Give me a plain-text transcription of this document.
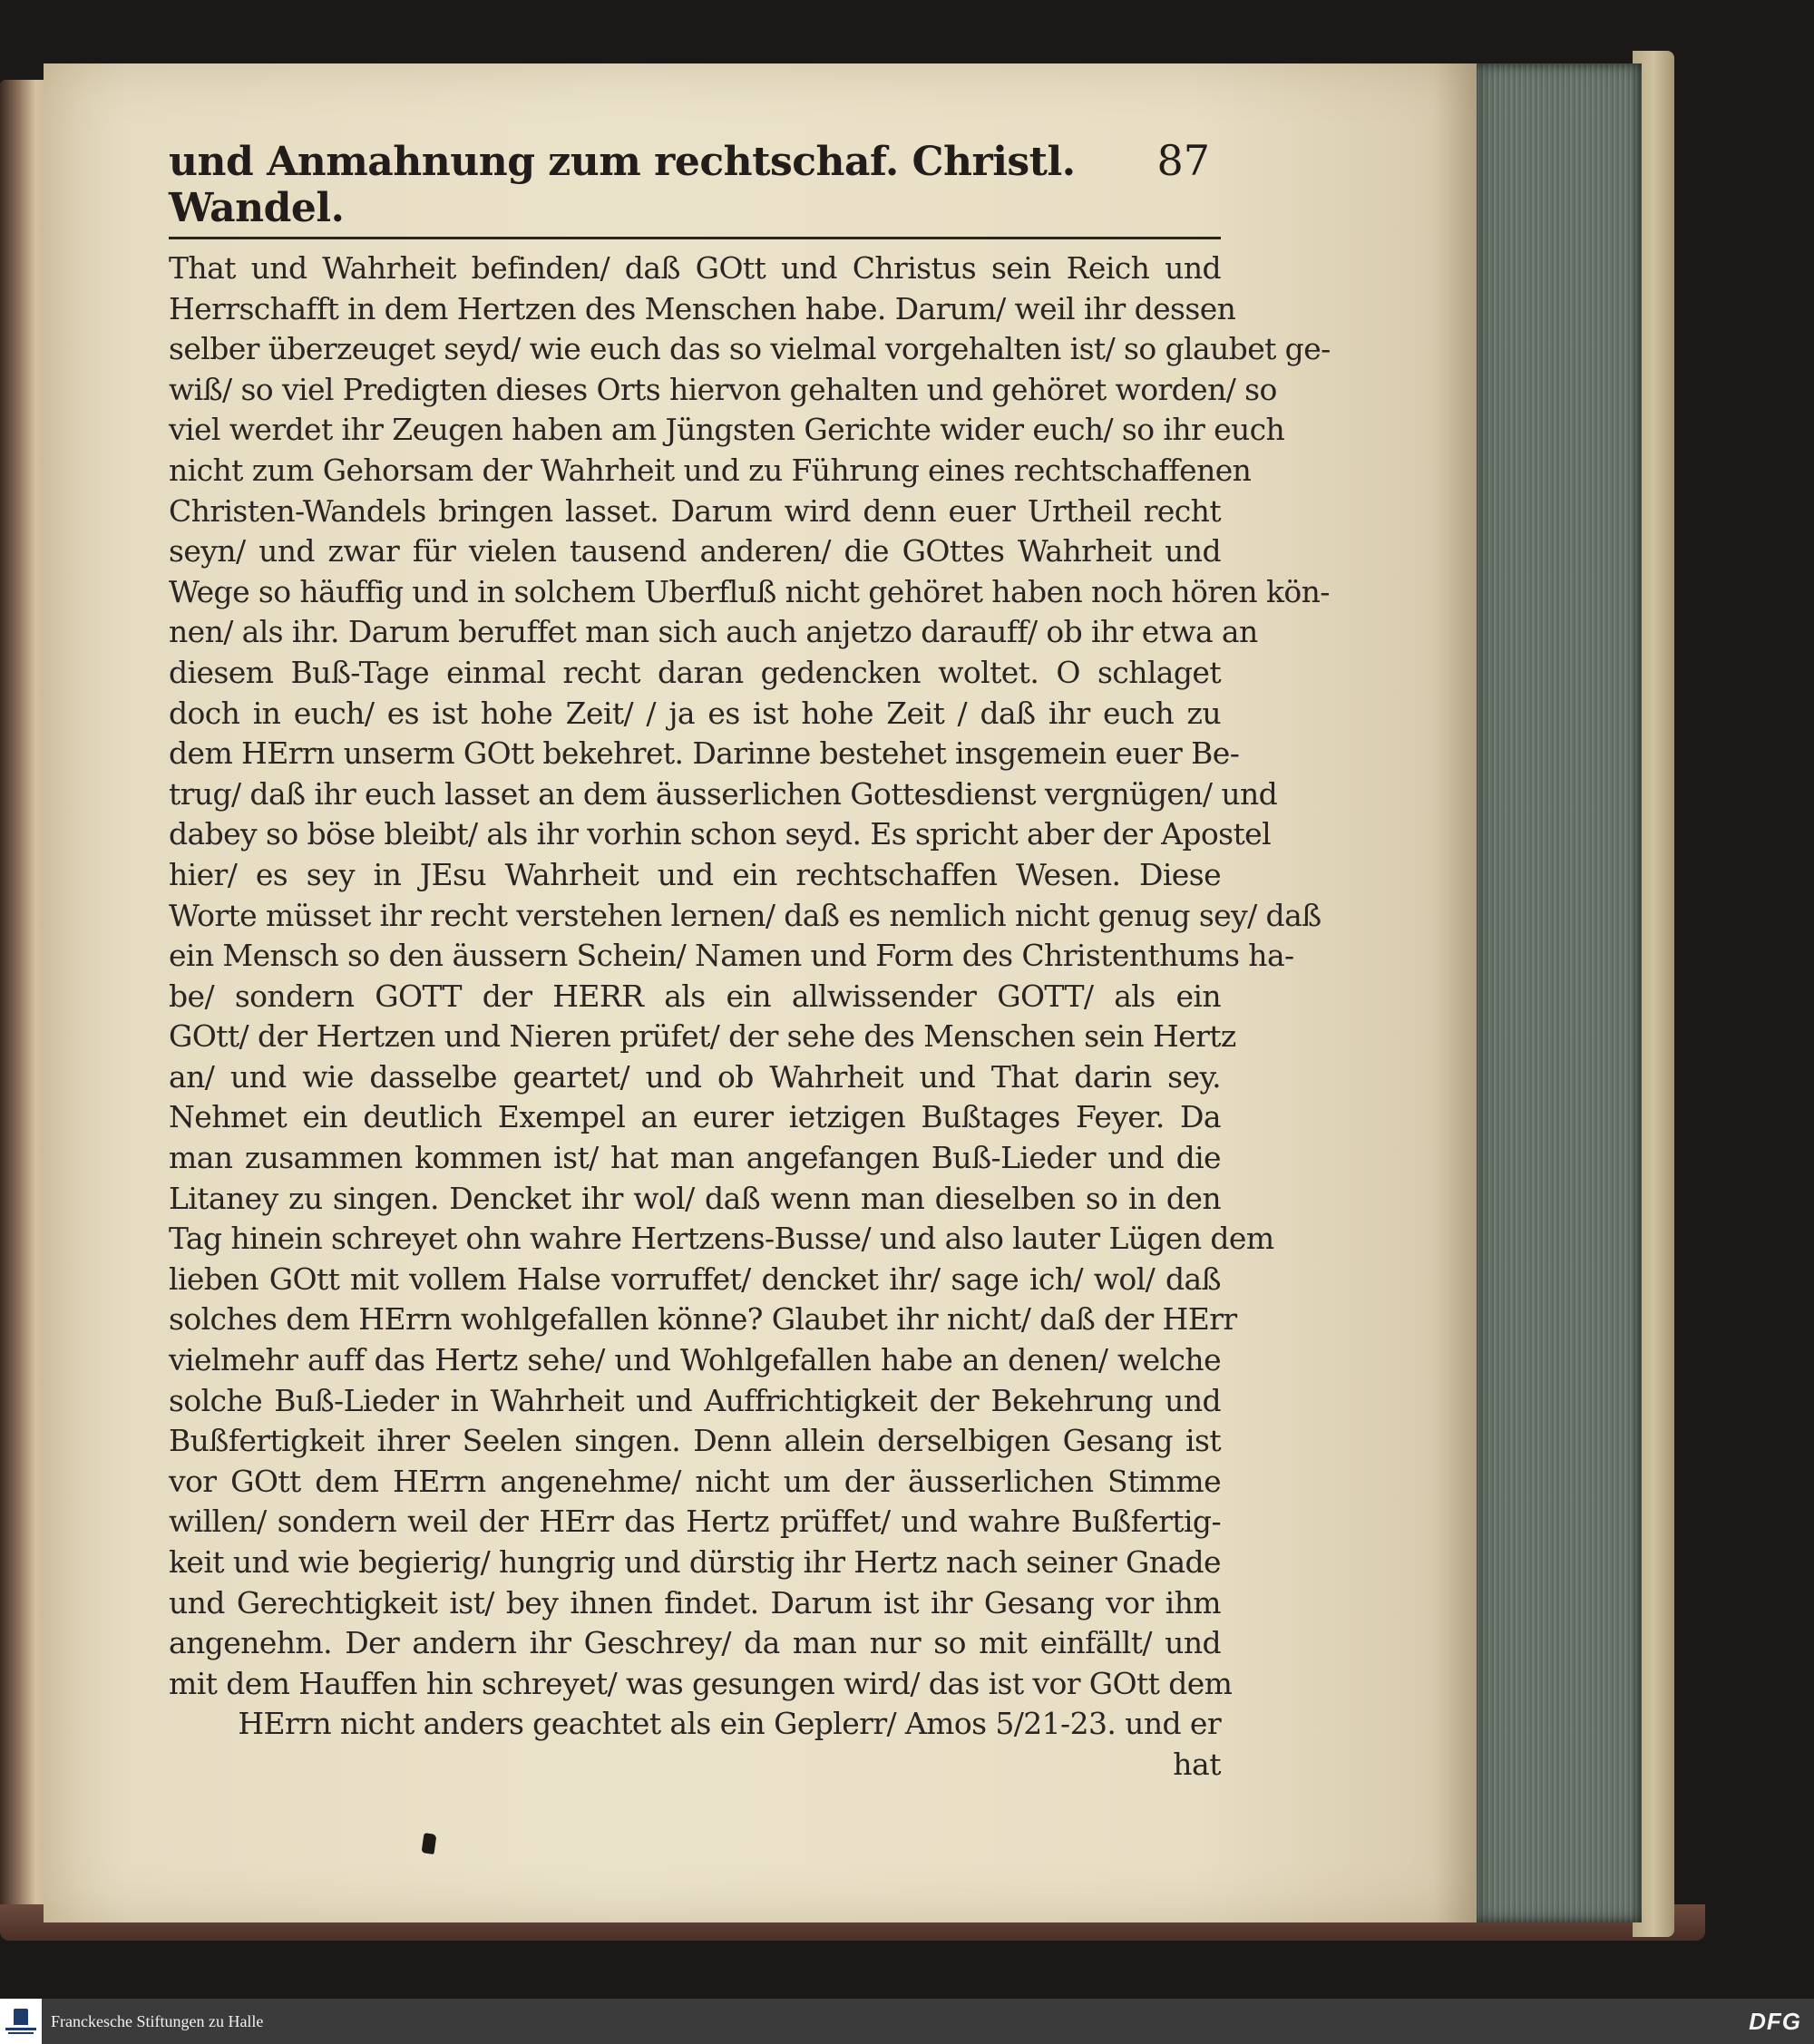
und Anmahnung zum rechtschaf. Christl. Wandel.
87
That und Wahrheit befinden/ daß GOtt und Christus sein Reich und
Herrschafft in dem Hertzen des Menschen habe. Darum/ weil ihr dessen
selber überzeuget seyd/ wie euch das so vielmal vorgehalten ist/ so glaubet ge-
wiß/ so viel Predigten dieses Orts hiervon gehalten und gehöret worden/ so
viel werdet ihr Zeugen haben am Jüngsten Gerichte wider euch/ so ihr euch
nicht zum Gehorsam der Wahrheit und zu Führung eines rechtschaffenen
Christen-Wandels bringen lasset. Darum wird denn euer Urtheil recht
seyn/ und zwar für vielen tausend anderen/ die GOttes Wahrheit und
Wege so häuffig und in solchem Uberfluß nicht gehöret haben noch hören kön-
nen/ als ihr. Darum beruffet man sich auch anjetzo darauff/ ob ihr etwa an
diesem Buß-Tage einmal recht daran gedencken woltet. O schlaget
doch in euch/ es ist hohe Zeit/ / ja es ist hohe Zeit / daß ihr euch zu
dem HErrn unserm GOtt bekehret. Darinne bestehet insgemein euer Be-
trug/ daß ihr euch lasset an dem äusserlichen Gottesdienst vergnügen/ und
dabey so böse bleibt/ als ihr vorhin schon seyd. Es spricht aber der Apostel
hier/ es sey in JEsu Wahrheit und ein rechtschaffen Wesen. Diese
Worte müsset ihr recht verstehen lernen/ daß es nemlich nicht genug sey/ daß
ein Mensch so den äussern Schein/ Namen und Form des Christenthums ha-
be/ sondern GOTT der HERR als ein allwissender GOTT/ als ein
GOtt/ der Hertzen und Nieren prüfet/ der sehe des Menschen sein Hertz
an/ und wie dasselbe geartet/ und ob Wahrheit und That darin sey.
Nehmet ein deutlich Exempel an eurer ietzigen Bußtages Feyer. Da
man zusammen kommen ist/ hat man angefangen Buß-Lieder und die
Litaney zu singen. Dencket ihr wol/ daß wenn man dieselben so in den
Tag hinein schreyet ohn wahre Hertzens-Busse/ und also lauter Lügen dem
lieben GOtt mit vollem Halse vorruffet/ dencket ihr/ sage ich/ wol/ daß
solches dem HErrn wohlgefallen könne? Glaubet ihr nicht/ daß der HErr
vielmehr auff das Hertz sehe/ und Wohlgefallen habe an denen/ welche
solche Buß-Lieder in Wahrheit und Auffrichtigkeit der Bekehrung und
Bußfertigkeit ihrer Seelen singen. Denn allein derselbigen Gesang ist
vor GOtt dem HErrn angenehme/ nicht um der äusserlichen Stimme
willen/ sondern weil der HErr das Hertz prüffet/ und wahre Bußfertig-
keit und wie begierig/ hungrig und dürstig ihr Hertz nach seiner Gnade
und Gerechtigkeit ist/ bey ihnen findet. Darum ist ihr Gesang vor ihm
angenehm. Der andern ihr Geschrey/ da man nur so mit einfällt/ und
mit dem Hauffen hin schreyet/ was gesungen wird/ das ist vor GOtt dem
HErrn nicht anders geachtet als ein Geplerr/ Amos 5/21-23. und er
hat
Franckesche Stiftungen zu Halle	DFG
